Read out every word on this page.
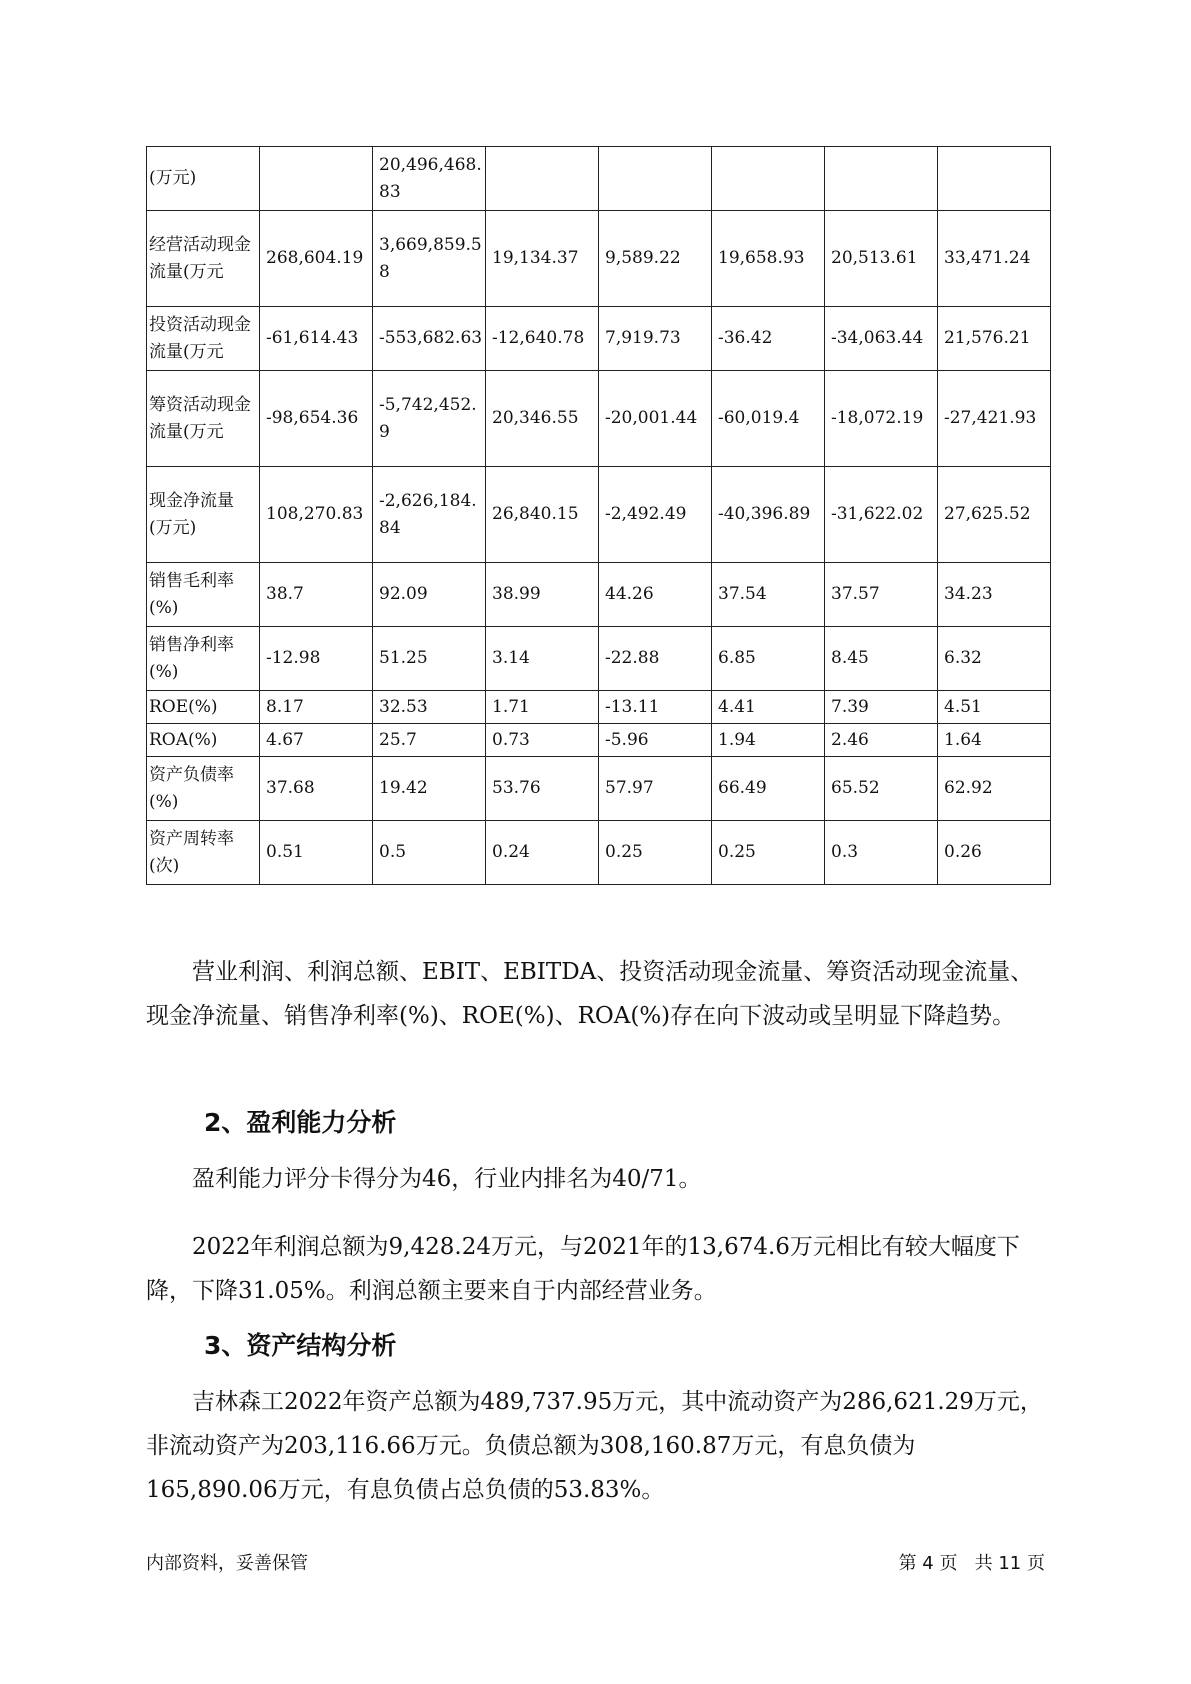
(万元)		20,496,468.83					
经营活动现金流量(万元	268,604.19	3,669,859.58	19,134.37	9,589.22	19,658.93	20,513.61	33,471.24
投资活动现金流量(万元	-61,614.43	-553,682.63	-12,640.78	7,919.73	-36.42	-34,063.44	21,576.21
筹资活动现金流量(万元	-98,654.36	-5,742,452.9	20,346.55	-20,001.44	-60,019.4	-18,072.19	-27,421.93
现金净流量(万元)	108,270.83	-2,626,184.84	26,840.15	-2,492.49	-40,396.89	-31,622.02	27,625.52
销售毛利率(%)	38.7	92.09	38.99	44.26	37.54	37.57	34.23
销售净利率(%)	-12.98	51.25	3.14	-22.88	6.85	8.45	6.32
ROE(%)	8.17	32.53	1.71	-13.11	4.41	7.39	4.51
ROA(%)	4.67	25.7	0.73	-5.96	1.94	2.46	1.64
资产负债率(%)	37.68	19.42	53.76	57.97	66.49	65.52	62.92
资产周转率(次)	0.51	0.5	0.24	0.25	0.25	0.3	0.26

营业利润、利润总额、EBIT、EBITDA、投资活动现金流量、筹资活动现金流量、现金净流量、销售净利率(%)、ROE(%)、ROA(%)存在向下波动或呈明显下降趋势。

2、盈利能力分析

盈利能力评分卡得分为46，行业内排名为40/71。

2022年利润总额为9,428.24万元，与2021年的13,674.6万元相比有较大幅度下降，下降31.05%。利润总额主要来自于内部经营业务。

3、资产结构分析

吉林森工2022年资产总额为489,737.95万元，其中流动资产为286,621.29万元，非流动资产为203,116.66万元。负债总额为308,160.87万元，有息负债为165,890.06万元，有息负债占总负债的53.83%。

内部资料，妥善保管	第 4 页   共 11 页
